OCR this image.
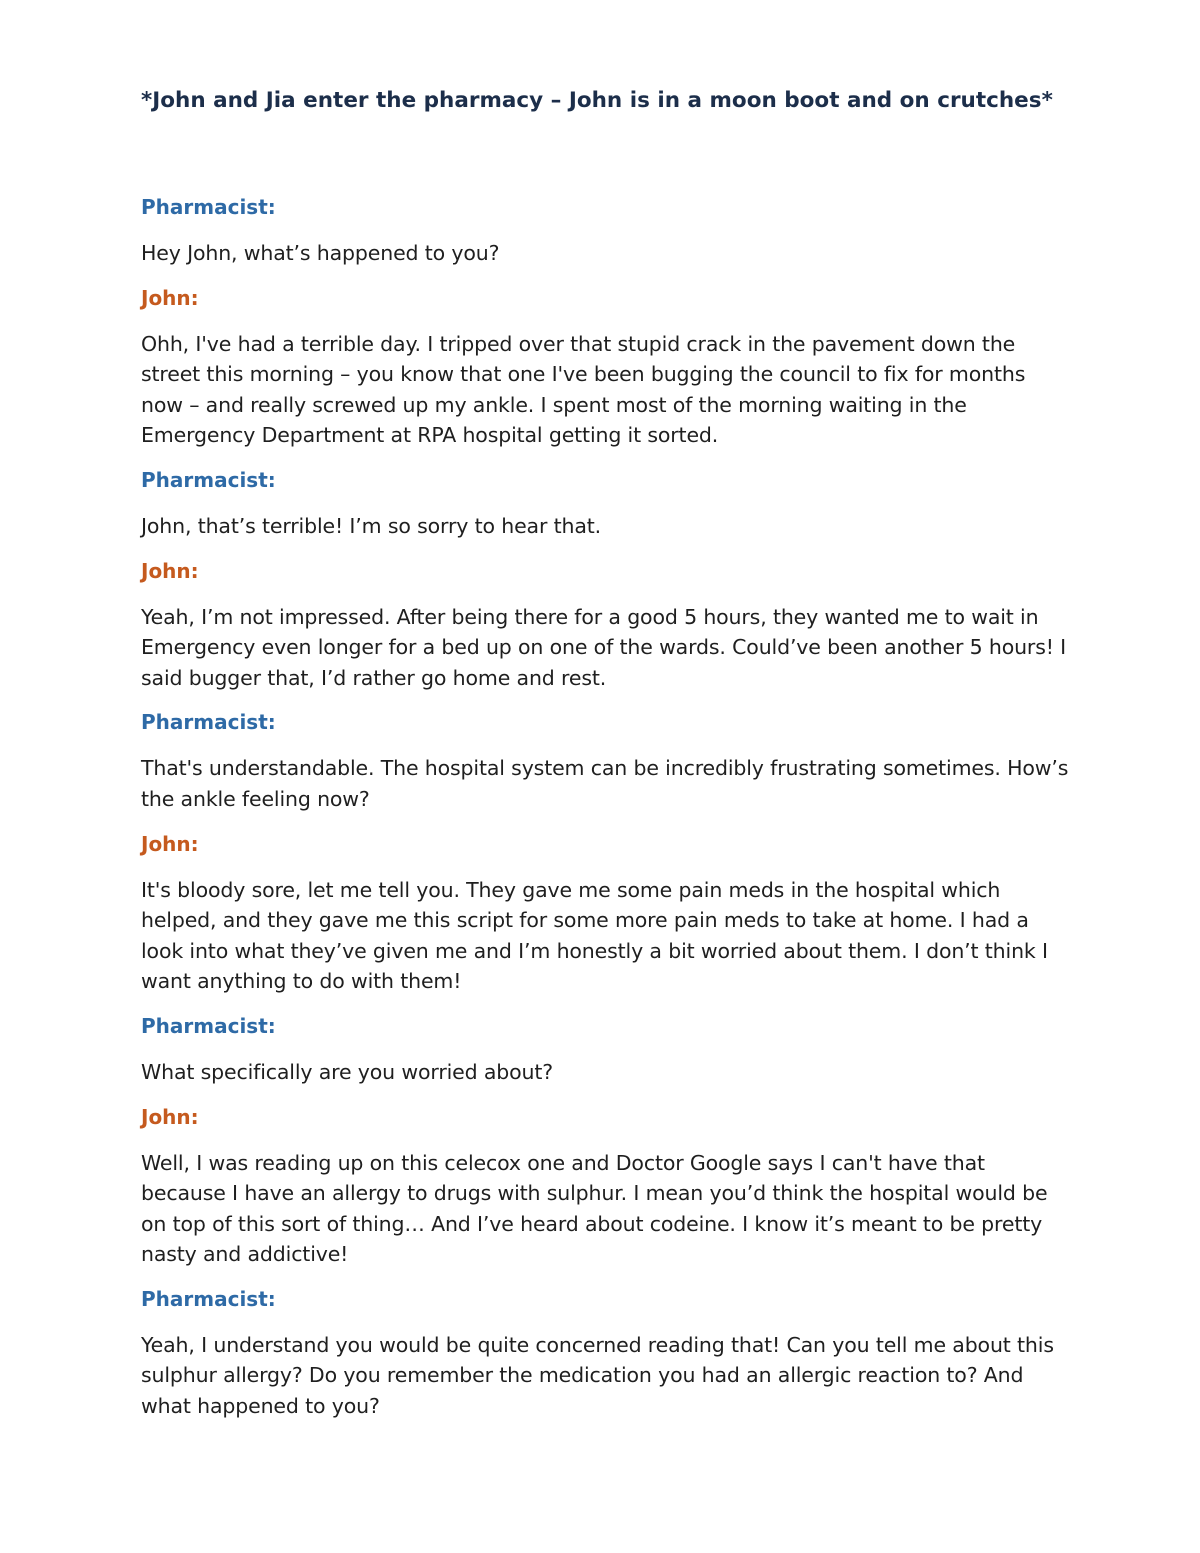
*John and Jia enter the pharmacy – John is in a moon boot and on crutches*

Pharmacist:

Hey John, what’s happened to you?

John:

Ohh, I've had a terrible day. I tripped over that stupid crack in the pavement down the street this morning – you know that one I've been bugging the council to fix for months now – and really screwed up my ankle. I spent most of the morning waiting in the Emergency Department at RPA hospital getting it sorted.

Pharmacist:

John, that’s terrible! I’m so sorry to hear that.

John:

Yeah, I’m not impressed. After being there for a good 5 hours, they wanted me to wait in Emergency even longer for a bed up on one of the wards. Could’ve been another 5 hours! I said bugger that, I’d rather go home and rest.

Pharmacist:

That's understandable. The hospital system can be incredibly frustrating sometimes. How’s the ankle feeling now?

John:

It's bloody sore, let me tell you. They gave me some pain meds in the hospital which helped, and they gave me this script for some more pain meds to take at home. I had a look into what they’ve given me and I’m honestly a bit worried about them. I don’t think I want anything to do with them!

Pharmacist:

What specifically are you worried about?

John:

Well, I was reading up on this celecox one and Doctor Google says I can't have that because I have an allergy to drugs with sulphur. I mean you’d think the hospital would be on top of this sort of thing… And I’ve heard about codeine. I know it’s meant to be pretty nasty and addictive!

Pharmacist:

Yeah, I understand you would be quite concerned reading that! Can you tell me about this sulphur allergy? Do you remember the medication you had an allergic reaction to? And what happened to you?
